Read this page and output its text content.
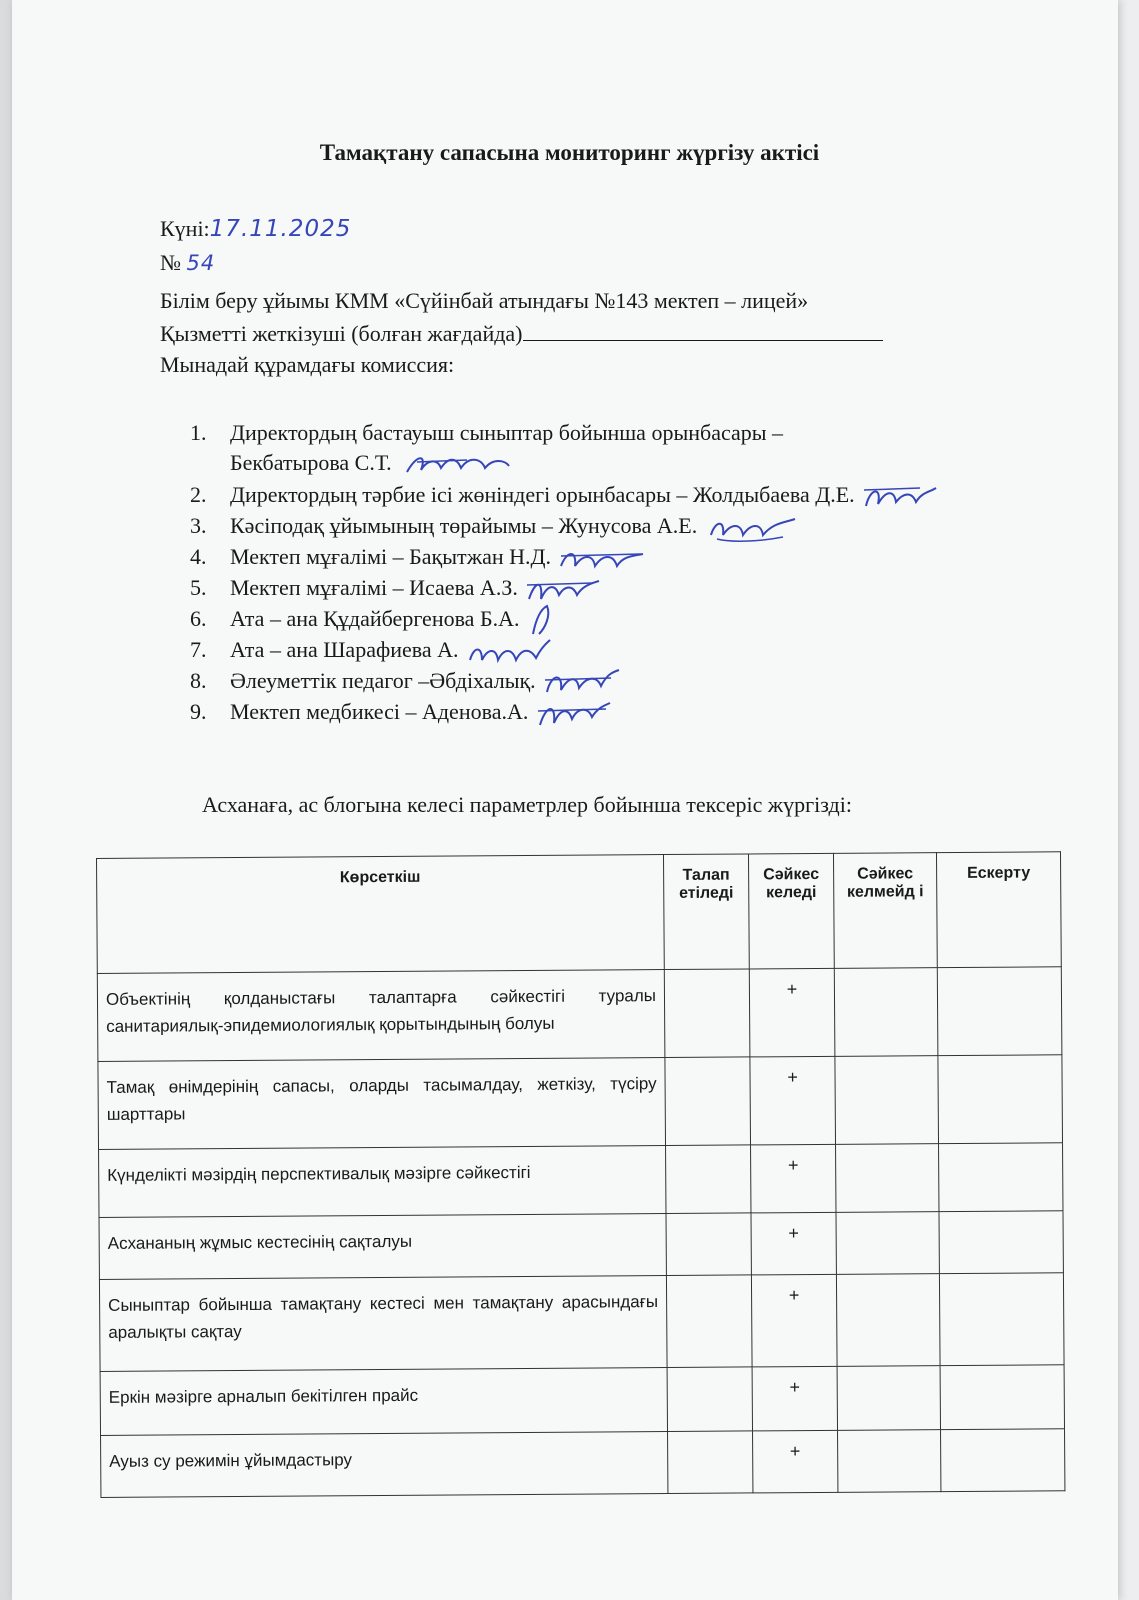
Тамақтану сапасына мониторинг жүргізу актісі
Күні:17.11.2025
№ 54
Білім беру ұйымы КММ «Сүйінбай атындағы №143 мектеп – лицей»
Қызметті жеткізуші (болған жағдайда)
Мынадай құрамдағы комиссия:
1. Директордың бастауыш сыныптар бойынша орынбасары –
Бекбатырова С.Т.
2. Директордың тәрбие ісі жөніндегі орынбасары – Жолдыбаева Д.Е.
3. Кәсіподақ ұйымының төрайымы – Жунусова А.Е.
4. Мектеп мұғалімі – Бақытжан Н.Д.
5. Мектеп мұғалімі – Исаева А.З.
6. Ата – ана Құдайбергенова Б.А.
7. Ата – ана Шарафиева А.
8. Әлеуметтік педагог –Әбдіхалық.
9. Мектеп медбикесі – Аденова.А.
Асханаға, ас блогына келесі параметрлер бойынша тексеріс жүргізді:
Көрсеткіш	Талап етіледі	Сәйкес келеді	Сәйкес келмейд і	Ескерту
Объектінің қолданыстағы талаптарға сәйкестігі туралы санитариялық-эпидемиологиялық қорытындының болуы		+		
Тамақ өнімдерінің сапасы, оларды тасымалдау, жеткізу, түсіру шарттары		+		
Күнделікті мәзірдің перспективалық мәзірге сәйкестігі		+		
Асхананың жұмыс кестесінің сақталуы		+		
Сыныптар бойынша тамақтану кестесі мен тамақтану арасындағы аралықты сақтау		+		
Еркін мәзірге арналып бекітілген прайс		+		
Ауыз су режимін ұйымдастыру		+		
